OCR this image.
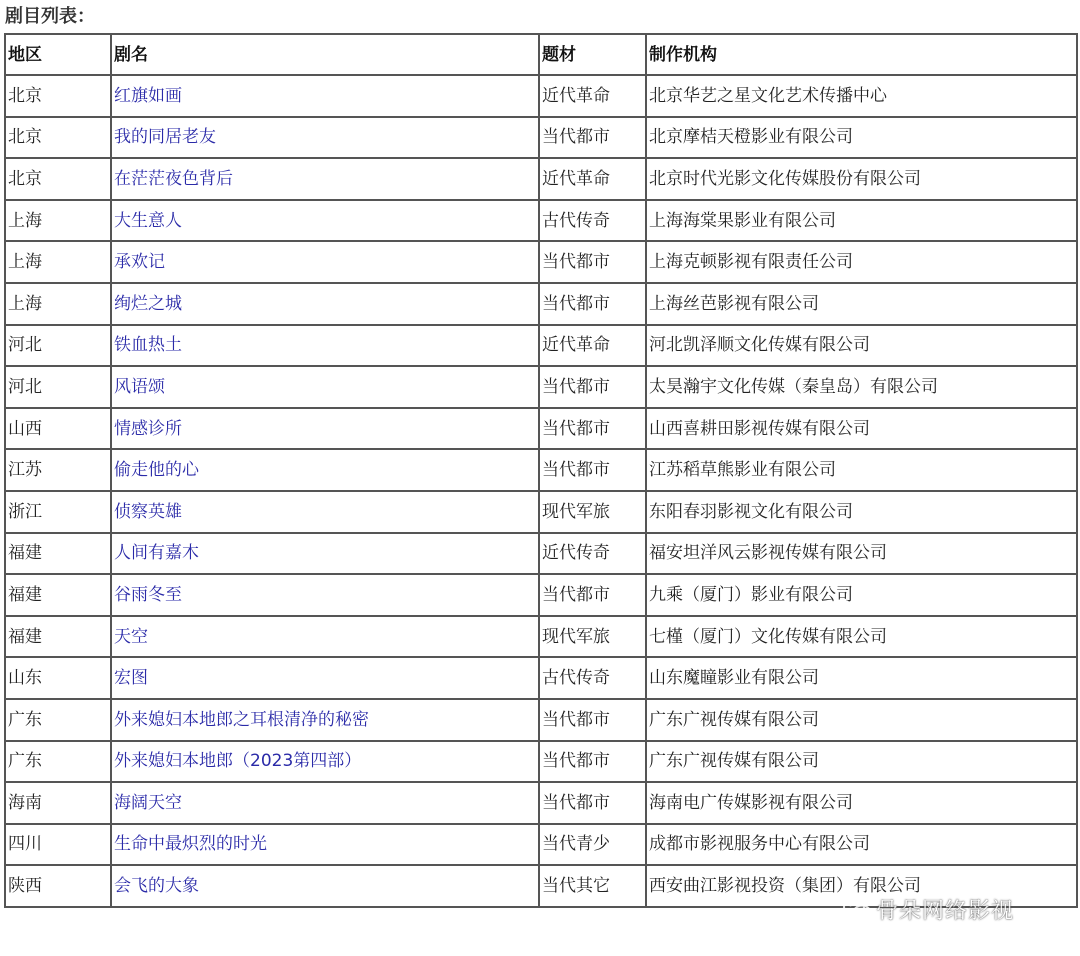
剧目列表：
地区	剧名	题材	制作机构
北京	红旗如画	近代革命	北京华艺之星文化艺术传播中心
北京	我的同居老友	当代都市	北京摩桔天橙影业有限公司
北京	在茫茫夜色背后	近代革命	北京时代光影文化传媒股份有限公司
上海	大生意人	古代传奇	上海海棠果影业有限公司
上海	承欢记	当代都市	上海克顿影视有限责任公司
上海	绚烂之城	当代都市	上海丝芭影视有限公司
河北	铁血热土	近代革命	河北凯泽顺文化传媒有限公司
河北	风语颂	当代都市	太昊瀚宇文化传媒（秦皇岛）有限公司
山西	情感诊所	当代都市	山西喜耕田影视传媒有限公司
江苏	偷走他的心	当代都市	江苏稻草熊影业有限公司
浙江	侦察英雄	现代军旅	东阳春羽影视文化有限公司
福建	人间有嘉木	近代传奇	福安坦洋风云影视传媒有限公司
福建	谷雨冬至	当代都市	九乘（厦门）影业有限公司
福建	天空	现代军旅	七槿（厦门）文化传媒有限公司
山东	宏图	古代传奇	山东魔瞳影业有限公司
广东	外来媳妇本地郎之耳根清净的秘密	当代都市	广东广视传媒有限公司
广东	外来媳妇本地郎（2023第四部）	当代都市	广东广视传媒有限公司
海南	海阔天空	当代都市	海南电广传媒影视有限公司
四川	生命中最炽烈的时光	当代青少	成都市影视服务中心有限公司
陕西	会飞的大象	当代其它	西安曲江影视投资（集团）有限公司
骨朵网络影视
